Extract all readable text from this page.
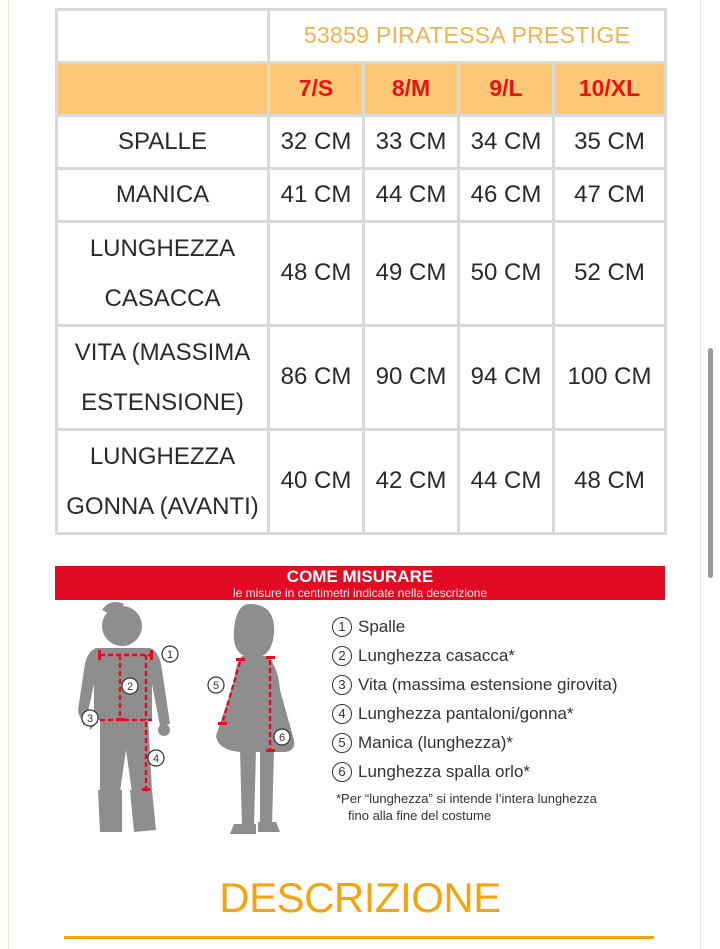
	53859 PIRATESSA PRESTIGE			
	7/S	8/M	9/L	10/XL
SPALLE	32 CM	33 CM	34 CM	35 CM
MANICA	41 CM	44 CM	46 CM	47 CM
LUNGHEZZA CASACCA	48 CM	49 CM	50 CM	52 CM
VITA (MASSIMA ESTENSIONE)	86 CM	90 CM	94 CM	100 CM
LUNGHEZZA GONNA (AVANTI)	40 CM	42 CM	44 CM	48 CM
COME MISURARE
le misure in centimetri indicate nella descrizione
1
2
3
4
5
6
1 Spalle
2 Lunghezza casacca*
3 Vita (massima estensione girovita)
4 Lunghezza pantaloni/gonna*
5 Manica (lunghezza)*
6 Lunghezza spalla orlo*
*Per “lunghezza” si intende l’intera lunghezza
fino alla fine del costume
DESCRIZIONE
